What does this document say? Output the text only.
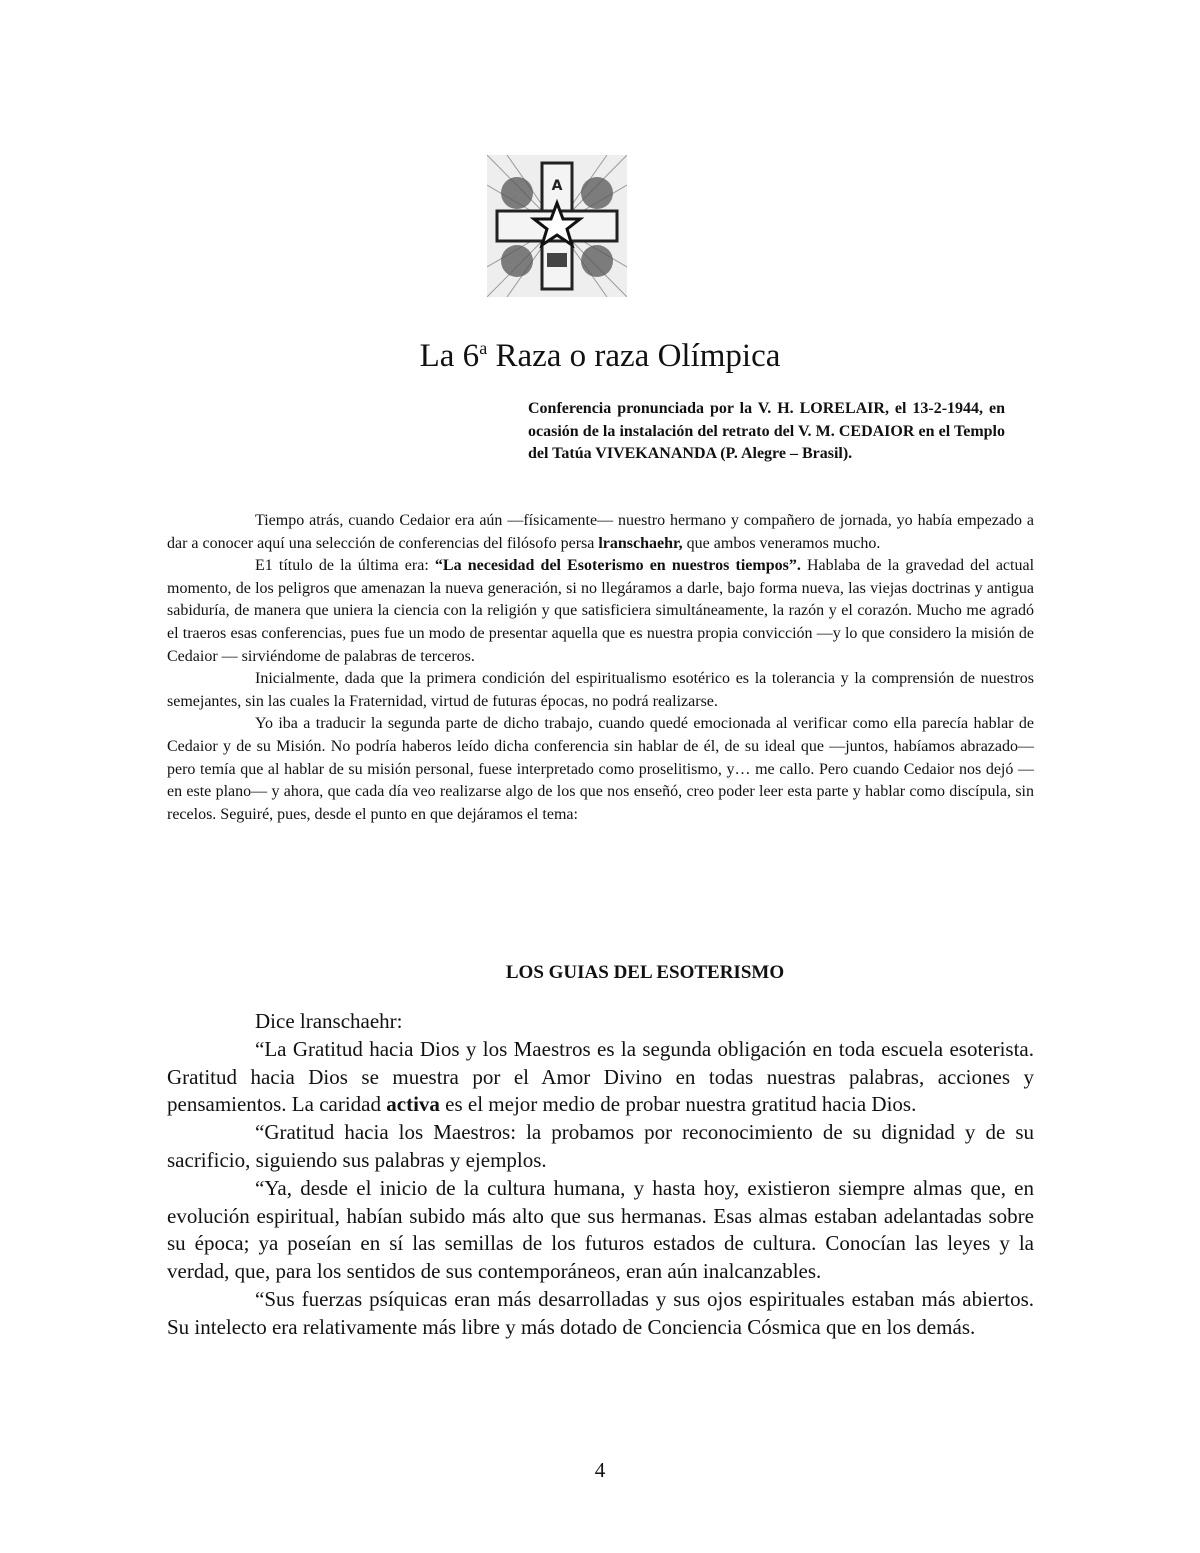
A
La 6$^a$ Raza o raza Olímpica

Conferencia pronunciada por la V. H. LORELAIR, el 13-2-1944, en ocasión de la instalación del retrato del V. M. CEDAIOR en el Templo del Tatúa VIVEKANANDA (P. Alegre – Brasil).

Tiempo atrás, cuando Cedaior era aún —físicamente— nuestro hermano y compañero de jornada, yo había empezado a dar a conocer aquí una selección de conferencias del filósofo persa lranschaehr, que ambos veneramos mucho.

E1 título de la última era: “La necesidad del Esoterismo en nuestros tiempos”. Hablaba de la gravedad del actual momento, de los peligros que amenazan la nueva generación, si no llegáramos a darle, bajo forma nueva, las viejas doctrinas y antigua sabiduría, de manera que uniera la ciencia con la religión y que satisficiera simultáneamente, la razón y el corazón. Mucho me agradó el traeros esas conferencias, pues fue un modo de presentar aquella que es nuestra propia convicción —y lo que considero la misión de Cedaior — sirviéndome de palabras de terceros.

Inicialmente, dada que la primera condición del espiritualismo esotérico es la tolerancia y la comprensión de nuestros semejantes, sin las cuales la Fraternidad, virtud de futuras épocas, no podrá realizarse.

Yo iba a traducir la segunda parte de dicho trabajo, cuando quedé emocionada al verificar como ella parecía hablar de Cedaior y de su Misión. No podría haberos leído dicha conferencia sin hablar de él, de su ideal que —juntos, habíamos abrazado— pero temía que al hablar de su misión personal, fuese interpretado como proselitismo, y… me callo. Pero cuando Cedaior nos dejó —en este plano— y ahora, que cada día veo realizarse algo de los que nos enseñó, creo poder leer esta parte y hablar como discípula, sin recelos. Seguiré, pues, desde el punto en que dejáramos el tema:

LOS GUIAS DEL ESOTERISMO

Dice lranschaehr:

“La Gratitud hacia Dios y los Maestros es la segunda obligación en toda escuela esoterista. Gratitud hacia Dios se muestra por el Amor Divino en todas nuestras palabras, acciones y pensamientos. La caridad activa es el mejor medio de probar nuestra gratitud hacia Dios.

“Gratitud hacia los Maestros: la probamos por reconocimiento de su dignidad y de su sacrificio, siguiendo sus palabras y ejemplos.

“Ya, desde el inicio de la cultura humana, y hasta hoy, existieron siempre almas que, en evolución espiritual, habían subido más alto que sus hermanas. Esas almas estaban adelantadas sobre su época; ya poseían en sí las semillas de los futuros estados de cultura. Conocían las leyes y la verdad, que, para los sentidos de sus contemporáneos, eran aún inalcanzables.

“Sus fuerzas psíquicas eran más desarrolladas y sus ojos espirituales estaban más abiertos. Su intelecto era relativamente más libre y más dotado de Conciencia Cósmica que en los demás.

4
